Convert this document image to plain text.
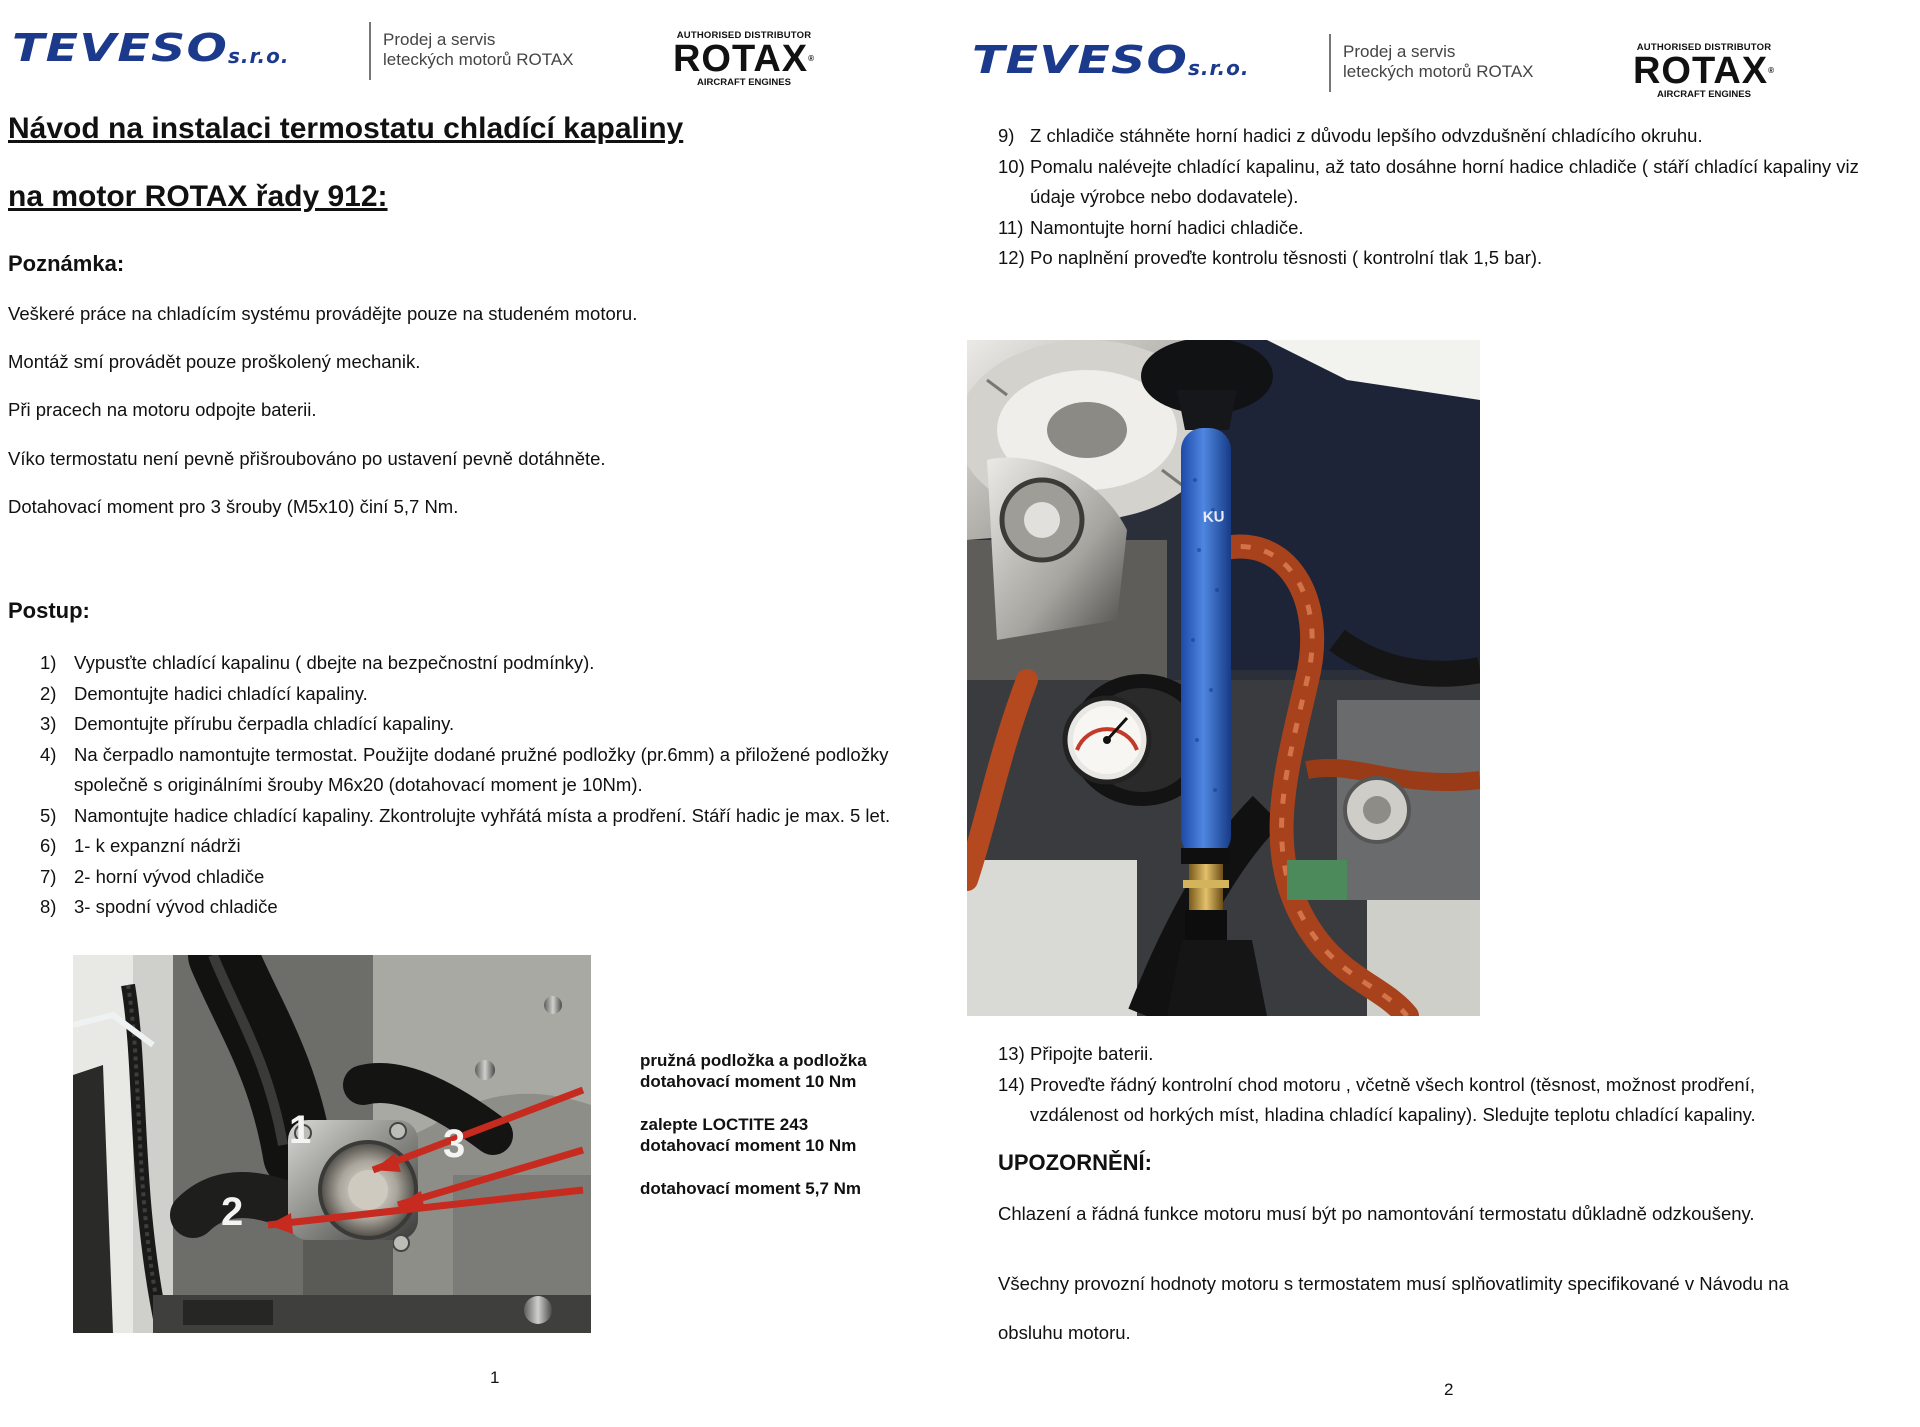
TEVESO s.r.o.
Prodej a servis
leteckých motorů ROTAX
AUTHORISED DISTRIBUTOR
ROTAX®
AIRCRAFT ENGINES
Návod na instalaci termostatu chladící kapaliny
na motor ROTAX řady 912:
Poznámka:
Veškeré práce na chladícím systému provádějte pouze na studeném motoru.
Montáž smí provádět pouze proškolený mechanik.
Při pracech na motoru odpojte baterii.
Víko termostatu není pevně přišroubováno po ustavení pevně dotáhněte.
Dotahovací moment pro 3 šrouby (M5x10) činí 5,7 Nm.
Postup:
1) Vypusťte chladící kapalinu ( dbejte na bezpečnostní podmínky).
2) Demontujte hadici chladící kapaliny.
3) Demontujte přírubu čerpadla chladící kapaliny.
4) Na čerpadlo namontujte termostat. Použijte dodané pružné podložky (pr.6mm) a přiložené podložky
společně s originálními šrouby M6x20 (dotahovací moment je 10Nm).
5) Namontujte hadice chladící kapaliny. Zkontrolujte vyhřátá místa a prodření. Stáří hadic je max. 5 let.
6) 1- k expanzní nádrži
7) 2- horní vývod chladiče
8) 3- spodní vývod chladiče
1
2
3
pružná podložka a podložka
dotahovací moment 10 Nm
zalepte LOCTITE 243
dotahovací moment 10 Nm
dotahovací moment 5,7 Nm
1
TEVESO s.r.o.
Prodej a servis
leteckých motorů ROTAX
AUTHORISED DISTRIBUTOR
ROTAX®
AIRCRAFT ENGINES
9) Z chladiče stáhněte horní hadici z důvodu lepšího odvzdušnění chladícího okruhu.
10) Pomalu nalévejte chladící kapalinu, až tato dosáhne horní hadice chladiče ( stáří chladící kapaliny viz
údaje výrobce nebo dodavatele).
11) Namontujte horní hadici chladiče.
12) Po naplnění proveďte kontrolu těsnosti ( kontrolní tlak 1,5 bar).
KU
13) Připojte baterii.
14) Proveďte řádný kontrolní chod motoru , včetně všech kontrol (těsnost, možnost prodření,
vzdálenost od horkých míst, hladina chladící kapaliny). Sledujte teplotu chladící kapaliny.
UPOZORNĚNÍ:
Chlazení a řádná funkce motoru musí být po namontování termostatu důkladně odzkoušeny.
Všechny provozní hodnoty motoru s termostatem musí splňovatlimity specifikované v Návodu na
obsluhu motoru.
2
